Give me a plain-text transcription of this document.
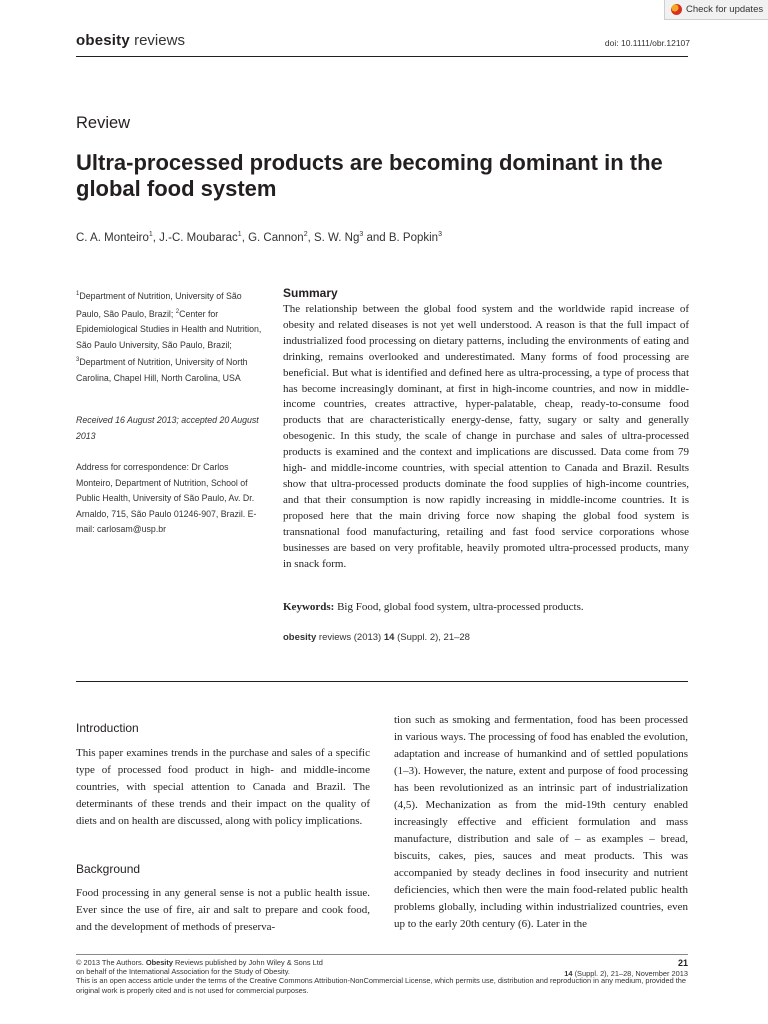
Check for updates
obesity reviews	doi: 10.1111/obr.12107
Review
Ultra-processed products are becoming dominant in the global food system
C. A. Monteiro$^1$, J.-C. Moubarac$^1$, G. Cannon$^2$, S. W. Ng$^3$ and B. Popkin$^3$
$^1$Department of Nutrition, University of São Paulo, São Paulo, Brazil; $^2$Center for Epidemiological Studies in Health and Nutrition, São Paulo University, São Paulo, Brazil; $^3$Department of Nutrition, University of North Carolina, Chapel Hill, North Carolina, USA
Received 16 August 2013; accepted 20 August 2013
Address for correspondence: Dr Carlos Monteiro, Department of Nutrition, School of Public Health, University of São Paulo, Av. Dr. Arnaldo, 715, São Paulo 01246-907, Brazil. E-mail: carlosam@usp.br
Summary
The relationship between the global food system and the worldwide rapid increase of obesity and related diseases is not yet well understood. A reason is that the full impact of industrialized food processing on dietary patterns, including the environments of eating and drinking, remains overlooked and underestimated. Many forms of food processing are beneficial. But what is identified and defined here as ultra-processing, a type of process that has become increasingly dominant, at first in high-income countries, and now in middle-income countries, creates attractive, hyper-palatable, cheap, ready-to-consume food products that are characteristically energy-dense, fatty, sugary or salty and generally obesogenic. In this study, the scale of change in purchase and sales of ultra-processed products is examined and the context and implications are discussed. Data come from 79 high- and middle-income countries, with special attention to Canada and Brazil. Results show that ultra-processed products dominate the food supplies of high-income countries, and that their consumption is now rapidly increasing in middle-income countries. It is proposed here that the main driving force now shaping the global food system is transnational food manufacturing, retailing and fast food service corporations whose businesses are based on very profitable, heavily promoted ultra-processed products, many in snack form.
Keywords: Big Food, global food system, ultra-processed products.
obesity reviews (2013) 14 (Suppl. 2), 21–28
Introduction
This paper examines trends in the purchase and sales of a specific type of processed food product in high- and middle-income countries, with special attention to Canada and Brazil. The determinants of these trends and their impact on the quality of diets and on health are discussed, along with policy implications.
Background
Food processing in any general sense is not a public health issue. Ever since the use of fire, air and salt to prepare and cook food, and the development of methods of preserva-
tion such as smoking and fermentation, food has been processed in various ways. The processing of food has enabled the evolution, adaptation and increase of humankind and of settled populations (1–3). However, the nature, extent and purpose of food processing has been revolutionized as an intrinsic part of industrialization (4,5). Mechanization as from the mid-19th century enabled increasingly effective and efficient formulation and mass manufacture, distribution and sale of – as examples – bread, biscuits, cakes, pies, sauces and meat products. This was accompanied by steady declines in food insecurity and nutrient deficiencies, which then were the main food-related public health problems globally, including within industrialized countries, even up to the early 20th century (6). Later in the
© 2013 The Authors. Obesity Reviews published by John Wiley & Sons Ltd
on behalf of the International Association for the Study of Obesity.
This is an open access article under the terms of the Creative Commons Attribution-NonCommercial License, which permits use, distribution and reproduction in any medium, provided the original work is properly cited and is not used for commercial purposes.
21
14 (Suppl. 2), 21–28, November 2013
